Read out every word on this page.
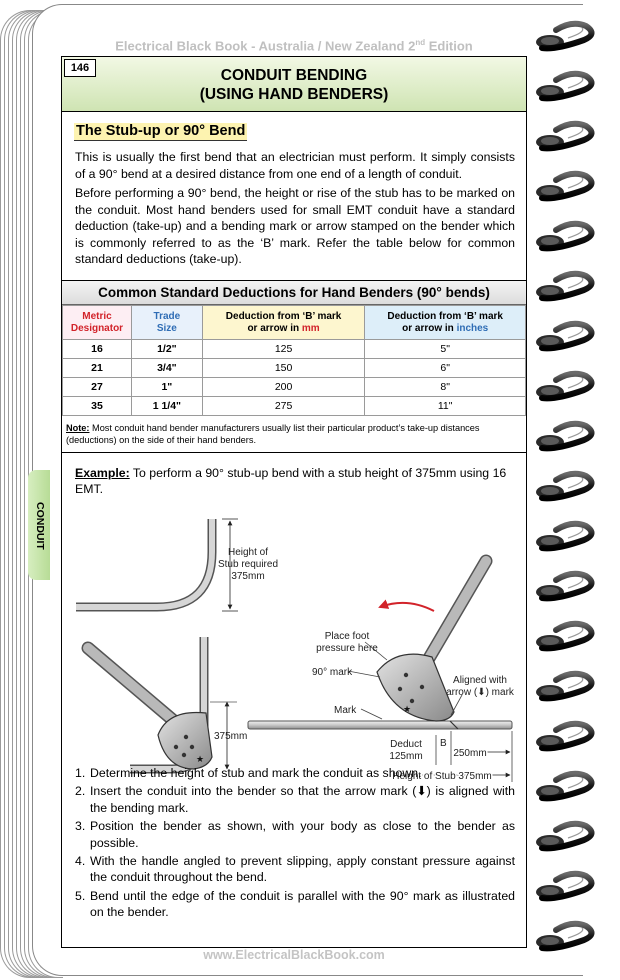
Electrical Black Book - Australia / New Zealand 2nd Edition
CONDUIT
146	CONDUIT BENDING
(USING HAND BENDERS)
The Stub-up or 90° Bend

This is usually the first bend that an electrician must perform. It simply consists of a 90° bend at a desired distance from one end of a length of conduit.

Before performing a 90° bend, the height or rise of the stub has to be marked on the conduit. Most hand benders used for small EMT conduit have a standard deduction (take-up) and a bending mark or arrow stamped on the bender which is commonly referred to as the ‘B’ mark. Refer the table below for common standard deductions (take-up).

Common Standard Deductions for Hand Benders (90° bends)
Metric
Designator	Trade
Size	Deduction from ‘B’ mark
or arrow in mm	Deduction from ‘B’ mark
or arrow in inches
16	1/2"	125	5"
21	3/4"	150	6"
27	1"	200	8"
35	1 1/4"	275	11"
Note: Most conduit hand bender manufacturers usually list their particular product’s take-up distances (deductions) on the side of their hand benders.
Example: To perform a 90° stub-up bend with a stub height of 375mm using 16 EMT.
Height of Stub required 375mm
★
375mm
★
Place foot pressure here
90° mark
Aligned with arrow (⬇) mark
Mark
B
Deduct 125mm	250mm
Height of Stub 375mm
1. Determine the height of stub and mark the conduit as shown.
2. Insert the conduit into the bender so that the arrow mark (⬇) is aligned with the bending mark.
3. Position the bender as shown, with your body as close to the bender as possible.
4. With the handle angled to prevent slipping, apply constant pressure against the conduit throughout the bend.
5. Bend until the edge of the conduit is parallel with the 90° mark as illustrated on the bender.
www.ElectricalBlackBook.com
